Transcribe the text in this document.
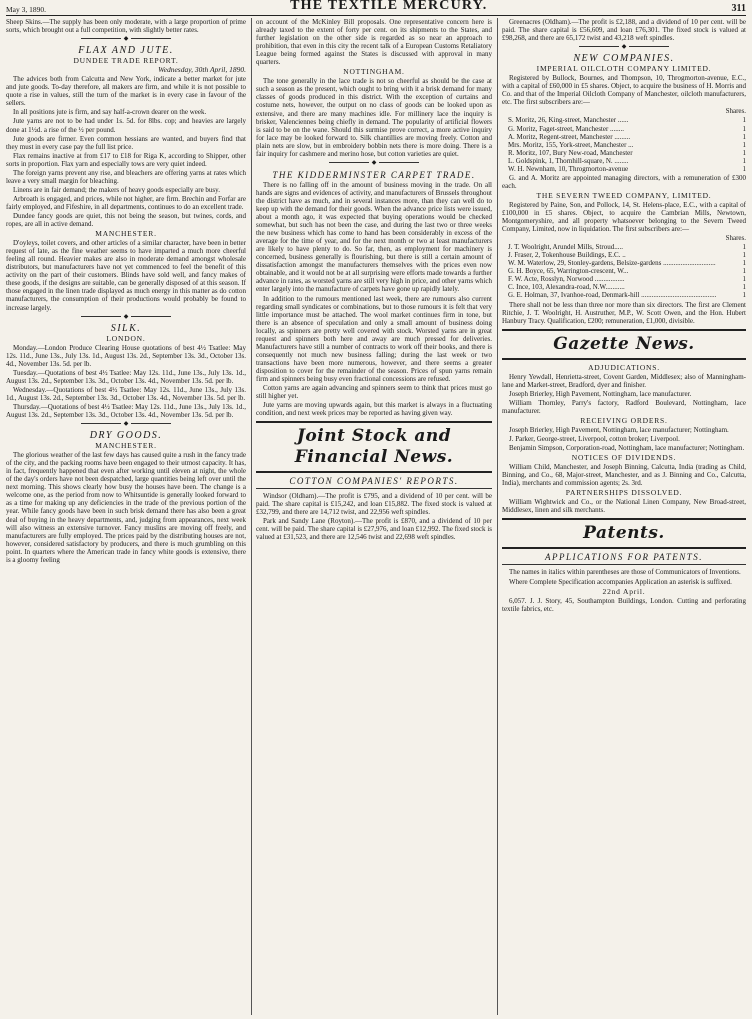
May 3, 1890.	THE TEXTILE MERCURY.	311

Sheep Skins.—The supply has been only moderate, with a large proportion of prime sorts, which brought out a full competition, with slightly better rates.

◆
FLAX AND JUTE.
DUNDEE TRADE REPORT.
Wednesday, 30th April, 1890.

The advices both from Calcutta and New York, indicate a better market for jute and jute goods. To-day therefore, all makers are firm, and while it is not possible to quote a rise in values, still the turn of the market is in every case in favour of the sellers.

In all positions jute is firm, and say half-a-crown dearer on the week.

Jute yarns are not to be had under 1s. 5d. for 8lbs. cop; and heavies are largely done at 1½d. a rise of the ½ per pound.

Jute goods are firmer. Even common hessians are wanted, and buyers find that they must in every case pay the full list price.

Flax remains inactive at from £17 to £18 for Riga K, according to Shipper, other sorts in proportion. Flax yarn and especially tows are very quiet indeed.

The foreign yarns prevent any rise, and bleachers are offering yarns at rates which leave a very small margin for bleaching.

Linens are in fair demand; the makers of heavy goods especially are busy.

Arbroath is engaged, and prices, while not higher, are firm. Brechin and Forfar are fairly employed, and Fifeshire, in all departments, continues to do an excellent trade.

Dundee fancy goods are quiet, this not being the season, but twines, cords, and ropes, are all in active demand.

MANCHESTER.

D'oyleys, toilet covers, and other articles of a similar character, have been in better request of late, as the fine weather seems to have imparted a much more cheerful feeling all round. Heavier makes are also in moderate demand amongst wholesale distributors, but manufacturers have not yet commenced to feel the benefit of this activity on the part of their customers. Blinds have sold well, and fancy makes of these goods, if the designs are suitable, can be generally disposed of at this season. If those engaged in the linen trade displayed as much energy in this matter as do cotton manufacturers, the consumption of their productions would probably be found to increase largely.

◆
SILK.
LONDON.

Monday.—London Produce Clearing House quotations of best 4½ Tsatlee: May 12s. 11d., June 13s., July 13s. 1d., August 13s. 2d., September 13s. 3d., October 13s. 4d., November 13s. 5d. per lb.

Tuesday.—Quotations of best 4½ Tsatlee: May 12s. 11d., June 13s., July 13s. 1d., August 13s. 2d., September 13s. 3d., October 13s. 4d., November 13s. 5d. per lb.

Wednesday.—Quotations of best 4½ Tsatlee: May 12s. 11d., June 13s., July 13s. 1d., August 13s. 2d., September 13s. 3d., October 13s. 4d., November 13s. 5d. per lb.

Thursday.—Quotations of best 4½ Tsatlee: May 12s. 11d., June 13s., July 13s. 1d., August 13s. 2d., September 13s. 3d., October 13s. 4d., November 13s. 5d. per lb.

◆
DRY GOODS.
MANCHESTER.

The glorious weather of the last few days has caused quite a rush in the fancy trade of the city, and the packing rooms have been engaged to their utmost capacity. It has, in fact, frequently happened that even after working until eleven at night, the whole of the day's orders have not been despatched, large quantities being left over until the next morning. This shows clearly how busy the houses have been. The change is a welcome one, as the period from now to Whitsuntide is generally looked forward to as a time for making up any deficiencies in the trade of the previous portion of the year. While fancy goods have been in such brisk demand there has also been a great deal of buying in the heavy departments, and, judging from appearances, next week will also witness an extensive turnover. Fancy muslins are moving off freely, and manufacturers are fully employed. The prices paid by the distributing houses are not, however, considered satisfactory by producers, and there is much grumbling on this point. In quarters where the American trade in fancy white goods is extensive, there is a gloomy feeling

on account of the McKinley Bill proposals. One representative concern here is already taxed to the extent of forty per cent. on its shipments to the States, and further legislation on the other side is regarded as so near an approach to prohibition, that even in this city the recent talk of a European Customs Retaliatory League being formed against the States is discussed with approval in many quarters.

NOTTINGHAM.

The tone generally in the lace trade is not so cheerful as should be the case at such a season as the present, which ought to bring with it a brisk demand for many classes of goods produced in this district. With the exception of curtains and costume nets, however, the output on no class of goods can be looked upon as extensive, and there are many machines idle. For millinery lace the inquiry is brisker, Valenciennes being chiefly in demand. The popularity of artificial flowers is said to be on the wane. Should this surmise prove correct, a more active inquiry for lace may be looked forward to. Silk chantillies are moving freely. Cotton and plain nets are slow, but in embroidery bobbin nets there is more doing. There is a fair inquiry for cashmere and merino hose, but cotton varieties are quiet.

◆
THE KIDDERMINSTER CARPET TRADE.

There is no falling off in the amount of business moving in the trade. On all hands are signs and evidences of activity, and manufacturers of Brussels throughout the district have as much, and in several instances more, than they can well do to keep up with the demand for their goods. When the advance price lists were issued, about a month ago, it was expected that buying operations would be checked somewhat, but such has not been the case, and during the last two or three weeks the new business which has come to hand has been considerably in excess of the average for the time of year, and for the next month or two at least manufacturers are likely to have plenty to do. So far, then, as employment for machinery is concerned, business generally is flourishing, but there is still a certain amount of dissatisfaction amongst the manufacturers themselves with the prices even now obtainable, and it would not be at all surprising were efforts made towards a further advance in rates, as worsted yarns are still very high in price, and other yarns which enter largely into the manufacture of carpets have gone up rapidly lately.

In addition to the rumours mentioned last week, there are rumours also current regarding small syndicates or combinations, but to those rumours it is felt that very little importance must be attached. The wool market continues firm in tone, but there is an absence of speculation and only a small amount of business doing locally, as spinners are pretty well covered with stock. Worsted yarns are in great request and spinners both here and away are much pressed for deliveries. Manufacturers have still a number of contracts to work off their books, and there is consequently not much new business falling; during the last week or two transactions have been more numerous, however, and there seems a greater disposition to cover for the remainder of the season. Prices of spun yarns remain firm and spinners being busy even fractional concessions are refused.

Cotton yarns are again advancing and spinners seem to think that prices must go still higher yet.

Jute yarns are moving upwards again, but this market is always in a fluctuating condition, and next week prices may be reported as having given way.

Joint Stock and
Financial News.
COTTON COMPANIES' REPORTS.

Windsor (Oldham).—The profit is £795, and a dividend of 10 per cent. will be paid. The share capital is £15,242, and loan £15,882. The fixed stock is valued at £32,799, and there are 14,712 twist, and 22,956 weft spindles.

Park and Sandy Lane (Royton).—The profit is £870, and a dividend of 10 per cent. will be paid. The share capital is £27,976, and loan £12,992. The fixed stock is valued at £31,523, and there are 12,546 twist and 22,698 weft spindles.

Greenacres (Oldham).—The profit is £2,188, and a dividend of 10 per cent. will be paid. The share capital is £56,609, and loan £76,301. The fixed stock is valued at £98,268, and there are 65,172 twist and 43,218 weft spindles.

◆
NEW COMPANIES.
IMPERIAL OILCLOTH COMPANY LIMITED.

Registered by Bullock, Bournes, and Thompson, 10, Throgmorton-avenue, E.C., with a capital of £60,000 in £5 shares. Object, to acquire the business of H. Morris and Co. and that of the Imperial Oilcloth Company of Manchester, oilcloth manufacturers, etc. The first subscribers are:—

Shares.
S. Moritz, 26, King-street, Manchester ......	1
G. Moritz, Faget-street, Manchester ........	1
A. Moritz, Regent-street, Manchester .........	1
Mrs. Moritz, 155, York-street, Manchester ...	1
R. Moritz, 107, Bury New-road, Manchester	1
L. Goldspink, 1, Thornhill-square, N. ........	1
W. H. Newnham, 10, Throgmorton-avenue	1

G. and A. Moritz are appointed managing directors, with a remuneration of £300 each.

THE SEVERN TWEED COMPANY, LIMITED.

Registered by Paine, Son, and Pollock, 14, St. Helens-place, E.C., with a capital of £100,000 in £5 shares. Object, to acquire the Cambrian Mills, Newtown, Montgomeryshire, and all property whatsoever belonging to the Severn Tweed Company, Limited, now in liquidation. The first subscribers are:—

Shares.
J. T. Woolright, Arundel Mills, Stroud.....	1
J. Fraser, 2, Tokenhouse Buildings, E.C. ..	1
W. M. Waterlow, 29, Stonley-gardens, Belsize-gardens ..............................	1
G. H. Boyce, 65, Warrington-crescent, W...	1
F. W. Acte, Rosslyn, Norwood .................	1
C. Ince, 103, Alexandra-road, N.W...........	1
G. E. Holman, 37, Ivanhoe-road, Denmark-hill ...........................................	1

There shall not be less than three nor more than six directors. The first are Clement Ritchie, J. T. Woolright, H. Austruther, M.P., W. Scott Owen, and the Hon. Hubert Hanbury Tracy. Qualification, £200; remuneration, £1,000, divisible.

Gazette News.
ADJUDICATIONS.

Henry Yewdall, Henrietta-street, Covent Garden, Middlesex; also of Manningham-lane and Market-street, Bradford, dyer and finisher.

Joseph Brierley, High Pavement, Nottingham, lace manufacturer.

William Thornley, Parry's factory, Radford Boulevard, Nottingham, lace manufacturer.

RECEIVING ORDERS.

Joseph Brierley, High Pavement, Nottingham, lace manufacturer; Nottingham.

J. Parker, George-street, Liverpool, cotton broker; Liverpool.

Benjamin Simpson, Corporation-road, Nottingham, lace manufacturer; Nottingham.

NOTICES OF DIVIDENDS.

William Child, Manchester, and Joseph Binning, Calcutta, India (trading as Child, Binning, and Co., 68, Major-street, Manchester, and as J. Binning and Co., Calcutta, India), merchants and commission agents; 2s. 3rd.

PARTNERSHIPS DISSOLVED.

William Wightwick and Co., or the National Linen Company, New Broad-street, Middlesex, linen and silk merchants.

Patents.
APPLICATIONS FOR PATENTS.

The names in italics within parentheses are those of Communicators of Inventions.

Where Complete Specification accompanies Application an asterisk is suffixed.

22nd April.

6,057. J. J. Story, 45, Southampton Buildings, London. Cutting and perforating textile fabrics, etc.
